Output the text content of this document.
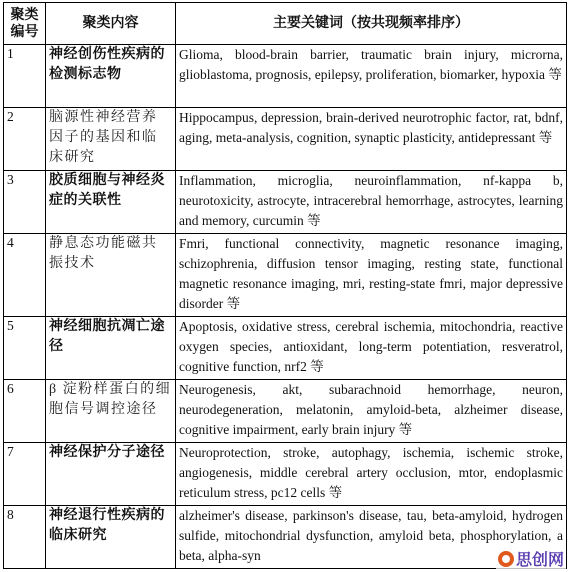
聚类编号	聚类内容	主要关键词（按共现频率排序）
1	神经创伤性疾病的检测标志物	Glioma, blood-brain barrier, traumatic brain injury, microrna, glioblastoma, prognosis, epilepsy, proliferation, biomarker, hypoxia 等
2	脑源性神经营养因子的基因和临床研究	Hippocampus, depression, brain-derived neurotrophic factor, rat, bdnf, aging, meta-analysis, cognition, synaptic plasticity, antidepressant 等
3	胶质细胞与神经炎症的关联性	Inflammation, microglia, neuroinflammation, nf-kappa b, neurotoxicity, astrocyte, intracerebral hemorrhage, astrocytes, learning and memory, curcumin 等
4	静息态功能磁共振技术	Fmri, functional connectivity, magnetic resonance imaging, schizophrenia, diffusion tensor imaging, resting state, functional magnetic resonance imaging, mri, resting-state fmri, major depressive disorder 等
5	神经细胞抗凋亡途径	Apoptosis, oxidative stress, cerebral ischemia, mitochondria, reactive oxygen species, antioxidant, long-term potentiation, resveratrol, cognitive function, nrf2 等
6	β 淀粉样蛋白的细胞信号调控途径	Neurogenesis, akt, subarachnoid hemorrhage, neuron, neurodegeneration, melatonin, amyloid-beta, alzheimer disease, cognitive impairment, early brain injury 等
7	神经保护分子途径	Neuroprotection, stroke, autophagy, ischemia, ischemic stroke, angiogenesis, middle cerebral artery occlusion, mtor, endoplasmic reticulum stress, pc12 cells 等
8	神经退行性疾病的临床研究	alzheimer's disease, parkinson's disease, tau, beta-amyloid, hydrogen sulfide, mitochondrial dysfunction, amyloid beta, phosphorylation, a beta, alpha-syn	思创网
